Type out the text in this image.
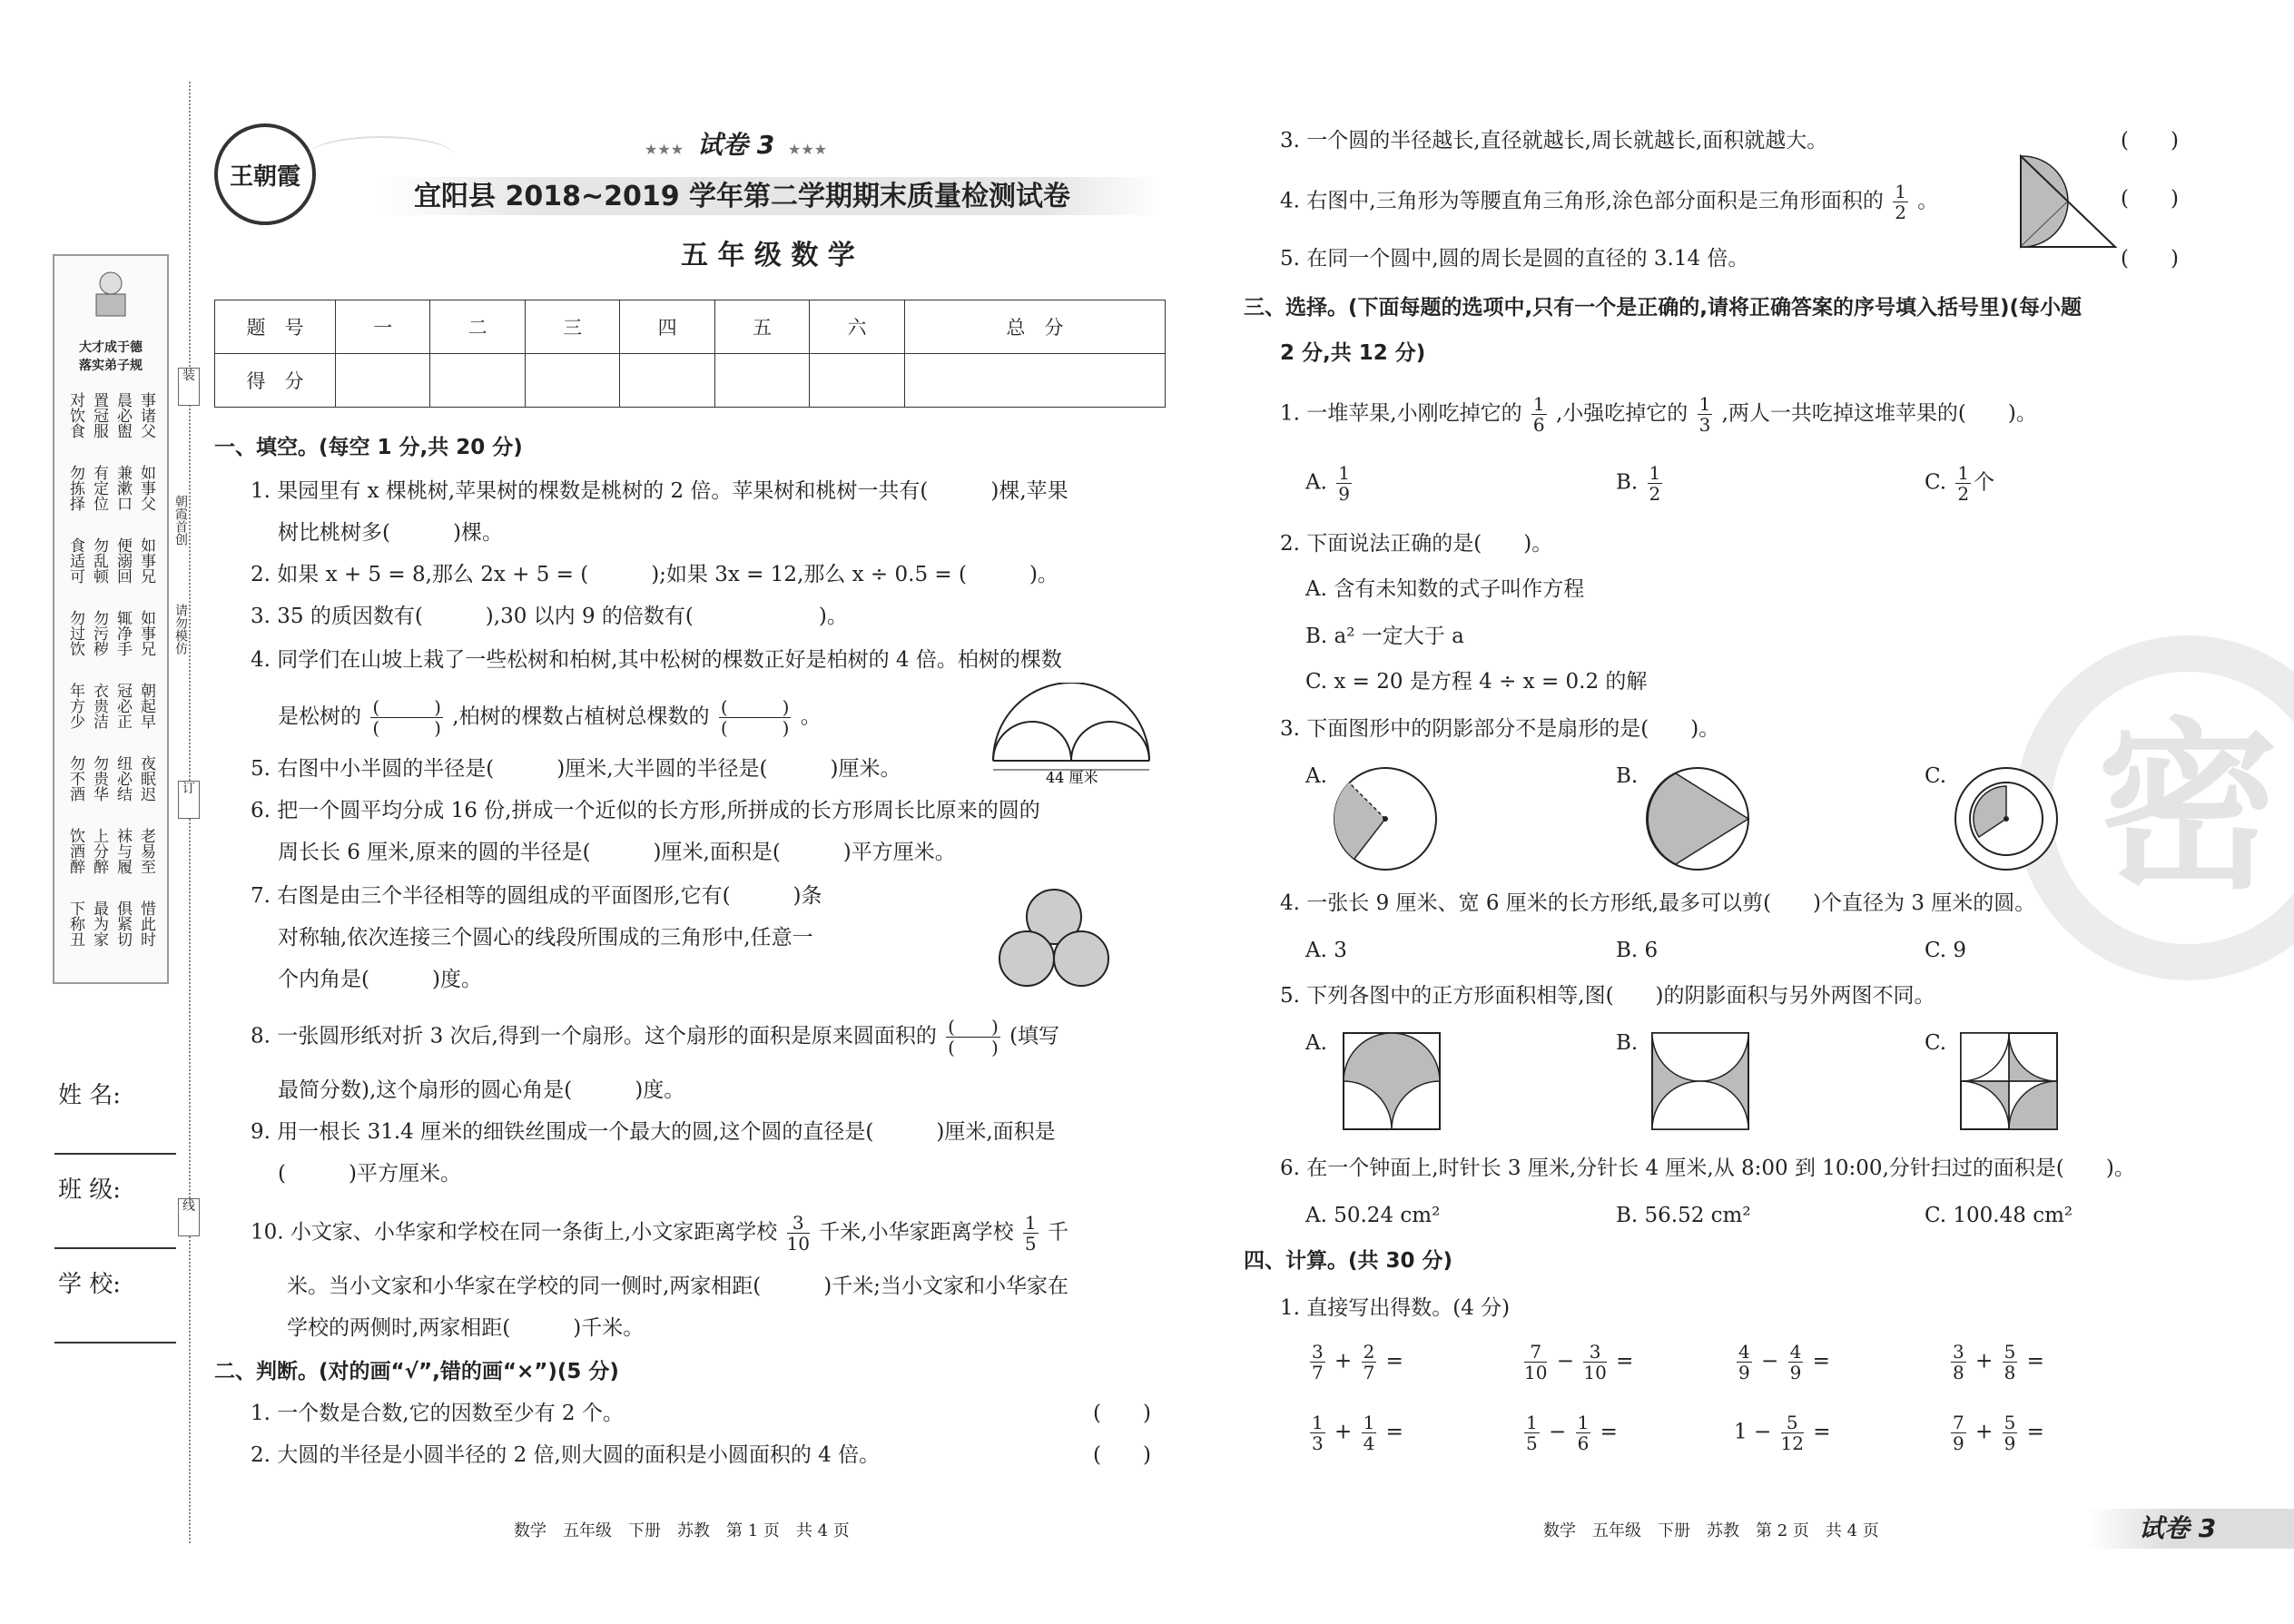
装
订
线
大才成于德
落实弟子规
事诸父
晨必盥
置冠服
对饮食
如事父
兼漱口
有定位
勿拣择
如事兄
便溺回
勿乱顿
食适可
如事兄
辄净手
勿污秽
勿过饮
朝起早
冠必正
衣贵洁
年方少
夜眠迟
纽必结
勿贵华
勿不酒
老易至
袜与履
上分醉
饮酒醉
惜此时
俱紧切
最为家
下称丑
朝霞首创
请勿模仿
姓 名:
班 级:
学 校:
王朝霞
★★★ 试卷 3 ★★★
宜阳县 2018~2019 学年第二学期期末质量检测试卷
五 年 级 数 学
题　号	一	二	三	四	五	六	总　分
得　分							
一、填空。(每空 1 分,共 20 分)
1. 果园里有 x 棵桃树,苹果树的棵数是桃树的 2 倍。苹果树和桃树一共有(　　　)棵,苹果
树比桃树多(　　　)棵。
2. 如果 x + 5 = 8,那么 2x + 5 = (　　　);如果 3x = 12,那么 x ÷ 0.5 = (　　　)。
3. 35 的质因数有(　　　),30 以内 9 的倍数有(　　　　　　)。
4. 同学们在山坡上栽了一些松树和柏树,其中松树的棵数正好是柏树的 4 倍。柏树的棵数
是松树的 $\frac{( )}{( )}$ ,柏树的棵数占植树总棵数的 $\frac{( )}{( )}$ 。
5. 右图中小半圆的半径是(　　　)厘米,大半圆的半径是(　　　)厘米。	44 厘米
6. 把一个圆平均分成 16 份,拼成一个近似的长方形,所拼成的长方形周长比原来的圆的
周长长 6 厘米,原来的圆的半径是(　　　)厘米,面积是(　　　)平方厘米。
7. 右图是由三个半径相等的圆组成的平面图形,它有(　　　)条
对称轴,依次连接三个圆心的线段所围成的三角形中,任意一
个内角是(　　　)度。
8. 一张圆形纸对折 3 次后,得到一个扇形。这个扇形的面积是原来圆面积的 $\frac{( )}{( )}$ (填写
最简分数),这个扇形的圆心角是(　　　)度。
9. 用一根长 31.4 厘米的细铁丝围成一个最大的圆,这个圆的直径是(　　　)厘米,面积是
(　　　)平方厘米。
10. 小文家、小华家和学校在同一条街上,小文家距离学校 $\frac{3}{10}$ 千米,小华家距离学校 $\frac{1}{5}$ 千
米。当小文家和小华家在学校的同一侧时,两家相距(　　　)千米;当小文家和小华家在
学校的两侧时,两家相距(　　　)千米。
二、判断。(对的画“√”,错的画“×”)(5 分)
1. 一个数是合数,它的因数至少有 2 个。	(　　)
2. 大圆的半径是小圆半径的 2 倍,则大圆的面积是小圆面积的 4 倍。	(　　)
数学　五年级　下册　苏教　第 1 页　共 4 页
密
3. 一个圆的半径越长,直径就越长,周长就越长,面积就越大。	(　　)
4. 右图中,三角形为等腰直角三角形,涂色部分面积是三角形面积的 $\frac{1}{2}$ 。	(　　)
5. 在同一个圆中,圆的周长是圆的直径的 3.14 倍。	(　　)
三、选择。(下面每题的选项中,只有一个是正确的,请将正确答案的序号填入括号里)(每小题
2 分,共 12 分)
1. 一堆苹果,小刚吃掉它的 $\frac{1}{6}$ ,小强吃掉它的 $\frac{1}{3}$ ,两人一共吃掉这堆苹果的(　　)。
A. $\frac{1}{9}$	B. $\frac{1}{2}$	C. $\frac{1}{2}$ 个
2. 下面说法正确的是(　　)。
A. 含有未知数的式子叫作方程
B. a² 一定大于 a
C. x = 20 是方程 4 ÷ x = 0.2 的解
3. 下面图形中的阴影部分不是扇形的是(　　)。
A.	B.	C.
4. 一张长 9 厘米、宽 6 厘米的长方形纸,最多可以剪(　　)个直径为 3 厘米的圆。
A. 3	B. 6	C. 9
5. 下列各图中的正方形面积相等,图(　　)的阴影面积与另外两图不同。
A.	B.	C.
6. 在一个钟面上,时针长 3 厘米,分针长 4 厘米,从 8:00 到 10:00,分针扫过的面积是(　　)。
A. 50.24 cm²	B. 56.52 cm²	C. 100.48 cm²
四、计算。(共 30 分)
1. 直接写出得数。(4 分)
$\frac{3}{7} + \frac{2}{7}$ =	$\frac{7}{10} - \frac{3}{10}$ =	$\frac{4}{9} - \frac{4}{9}$ =	$\frac{3}{8} + \frac{5}{8}$ =
$\frac{1}{3} + \frac{1}{4}$ =	$\frac{1}{5} - \frac{1}{6}$ =	$1 - \frac{5}{12}$ =	$\frac{7}{9} + \frac{5}{9}$ =
数学　五年级　下册　苏教　第 2 页　共 4 页	试卷 3
